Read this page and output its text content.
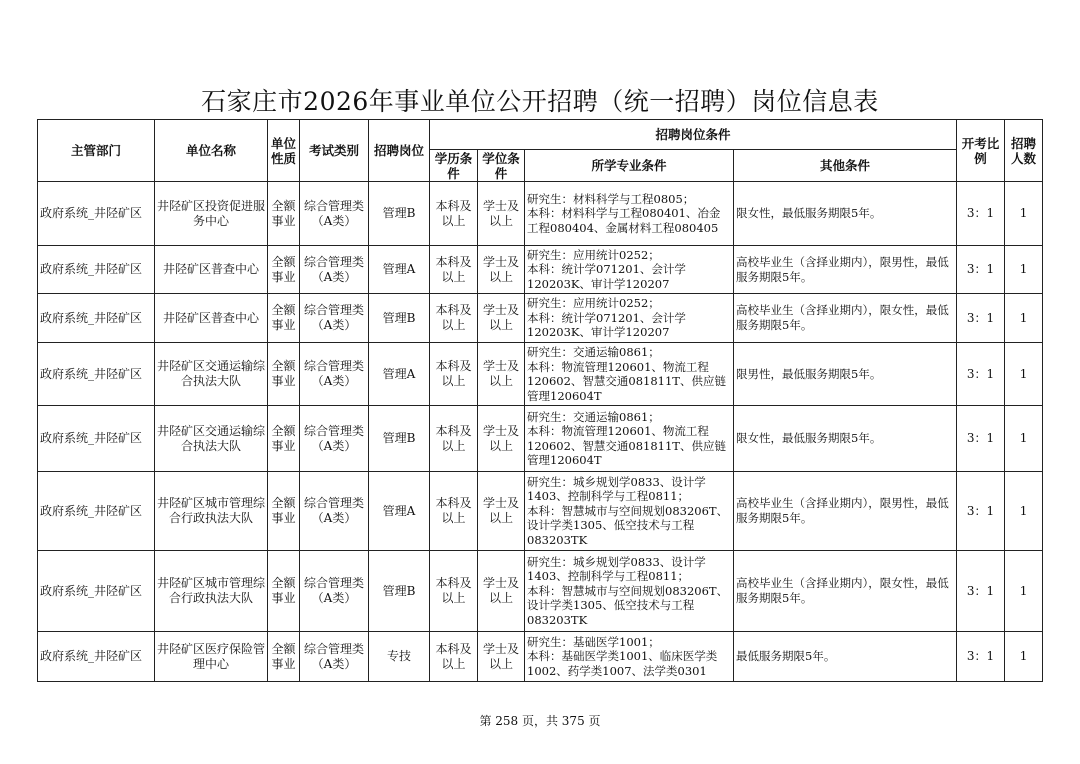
石家庄市2026年事业单位公开招聘（统一招聘）岗位信息表
主管部门	单位名称	单位性质	考试类别	招聘岗位	招聘岗位条件				开考比例	招聘人数
					学历条件	学位条件	所学专业条件	其他条件		
政府系统_井陉矿区	井陉矿区投资促进服务中心	全额事业	综合管理类（A类）	管理B	本科及以上	学士及以上	研究生：材料科学与工程0805；
本科：材料科学与工程080401、冶金工程080404、金属材料工程080405	限女性，最低服务期限5年。	3：1	1
政府系统_井陉矿区	井陉矿区普查中心	全额事业	综合管理类（A类）	管理A	本科及以上	学士及以上	研究生：应用统计0252；
本科：统计学071201、会计学120203K、审计学120207	高校毕业生（含择业期内），限男性，最低服务期限5年。	3：1	1
政府系统_井陉矿区	井陉矿区普查中心	全额事业	综合管理类（A类）	管理B	本科及以上	学士及以上	研究生：应用统计0252；
本科：统计学071201、会计学120203K、审计学120207	高校毕业生（含择业期内），限女性，最低服务期限5年。	3：1	1
政府系统_井陉矿区	井陉矿区交通运输综合执法大队	全额事业	综合管理类（A类）	管理A	本科及以上	学士及以上	研究生：交通运输0861；
本科：物流管理120601、物流工程120602、智慧交通081811T、供应链管理120604T	限男性，最低服务期限5年。	3：1	1
政府系统_井陉矿区	井陉矿区交通运输综合执法大队	全额事业	综合管理类（A类）	管理B	本科及以上	学士及以上	研究生：交通运输0861；
本科：物流管理120601、物流工程120602、智慧交通081811T、供应链管理120604T	限女性，最低服务期限5年。	3：1	1
政府系统_井陉矿区	井陉矿区城市管理综合行政执法大队	全额事业	综合管理类（A类）	管理A	本科及以上	学士及以上	研究生：城乡规划学0833、设计学1403、控制科学与工程0811；
本科：智慧城市与空间规划083206T、设计学类1305、低空技术与工程083203TK	高校毕业生（含择业期内），限男性，最低服务期限5年。	3：1	1
政府系统_井陉矿区	井陉矿区城市管理综合行政执法大队	全额事业	综合管理类（A类）	管理B	本科及以上	学士及以上	研究生：城乡规划学0833、设计学1403、控制科学与工程0811；
本科：智慧城市与空间规划083206T、设计学类1305、低空技术与工程083203TK	高校毕业生（含择业期内），限女性，最低服务期限5年。	3：1	1
政府系统_井陉矿区	井陉矿区医疗保险管理中心	全额事业	综合管理类（A类）	专技	本科及以上	学士及以上	研究生：基础医学1001；
本科：基础医学类1001、临床医学类1002、药学类1007、法学类0301	最低服务期限5年。	3：1	1
第 258 页，共 375 页
